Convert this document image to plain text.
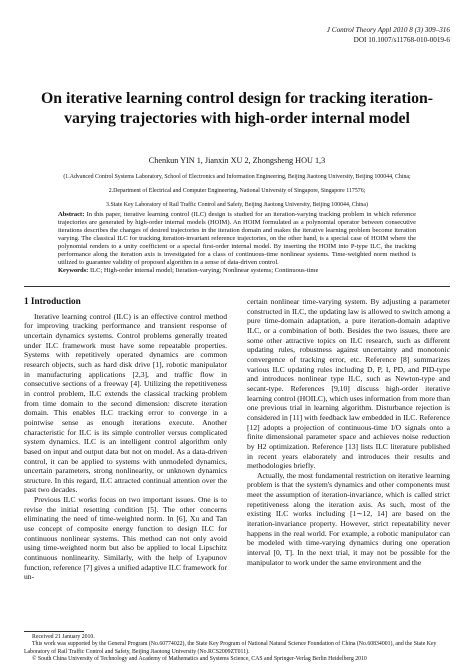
J Control Theory Appl 2010 8 (3) 309–316
DOI 10.1007/s11768-010-0019-6
On iterative learning control design for tracking iteration-varying trajectories with high-order internal model
Chenkun YIN 1, Jianxin XU 2, Zhongsheng HOU 1,3
(1.Advanced Control Systems Laboratory, School of Electronics and Information Engineering, Beijing Jiaotong University, Beijing 100044, China;
2.Department of Electrical and Computer Engineering, National University of Singapore, Singapore 117576;
3.State Key Laboratory of Rail Traffic Control and Safety, Beijing Jiaotong University, Beijing 100044, China)
Abstract: In this paper, iterative learning control (ILC) design is studied for an iteration-varying tracking problem in which reference trajectories are generated by high-order internal models (HOIM). An HOIM formulated as a polynomial operator between consecutive iterations describes the changes of desired trajectories in the iteration domain and makes the iterative learning problem become iteration varying. The classical ILC for tracking iteration-invariant reference trajectories, on the other hand, is a special case of HOIM where the polynomial renders to a unity coefficient or a special first-order internal model. By inserting the HOIM into P-type ILC, the tracking performance along the iteration axis is investigated for a class of continuous-time nonlinear systems. Time-weighted norm method is utilized to guarantee validity of proposed algorithm in a sense of data-driven control.
Keywords: ILC; High-order internal model; Iteration-varying; Nonlinear systems; Continuous-time
1 Introduction

Iterative learning control (ILC) is an effective control method for improving tracking performance and transient response of uncertain dynamics systems. Control problems generally treated under ILC framework must have some repeatable properties. Systems with repetitively operated dynamics are common research objects, such as hard disk drive [1], robotic manipulator in manufacturing applications [2,3], and traffic flow in consecutive sections of a freeway [4]. Utilizing the repetitiveness in control problem, ILC extends the classical tracking problem from time domain to the second dimension: discrete iteration domain. This enables ILC tracking error to converge in a pointwise sense as enough iterations execute. Another characteristic for ILC is its simple controller versus complicated system dynamics. ILC is an intelligent control algorithm only based on input and output data but not on model. As a data-driven control, it can be applied to systems with unmodeled dynamics, uncertain parameters, strong nonlinearity, or unknown dynamics structure. In this regard, ILC attracted continual attention over the past two decades.

Previous ILC works focus on two important issues. One is to revise the initial resetting condition [5]. The other concerns eliminating the need of time-weighted norm. In [6], Xu and Tan use concept of composite energy function to design ILC for continuous nonlinear systems. This method can not only avoid using time-weighted norm but also be applied to local Lipschitz continuous nonlinearity. Similarly, with the help of Lyapunov function, reference [7] gives a unified adaptive ILC framework for un-

certain nonlinear time-varying system. By adjusting a parameter constructed in ILC, the updating law is allowed to switch among a pure time-domain adaptation, a pure iteration-domain adaptive ILC, or a combination of both. Besides the two issues, there are some other attractive topics on ILC research, such as different updating rules, robustness against uncertainty and monotonic convergence of tracking error, etc. Reference [8] summarizes various ILC updating rules including D, P, I, PD, and PID-type and introduces nonlinear type ILC, such as Newton-type and secant-type. References [9,10] discuss high-order iterative learning control (HOILC), which uses information from more than one previous trial in learning algorithm. Disturbance rejection is considered in [11] with feedback law embedded in ILC. Reference [12] adopts a projection of continuous-time I/O signals onto a finite dimensional parameter space and achieves noise reduction by H2 optimization. Reference [13] lists ILC literature published in recent years elaborately and introduces their results and methodologies briefly.

Actually, the most fundamental restriction on iterative learning problem is that the system's dynamics and other components must meet the assumption of iteration-invariance, which is called strict repetitiveness along the iteration axis. As such, most of the existing ILC works including [1∼12, 14] are based on the iteration-invariance property. However, strict repeatability never happens in the real world. For example, a robotic manipulator can be modeled with time-varying dynamics during one operation interval [0, T]. In the next trial, it may not be possible for the manipulator to work under the same environment and the

Received 21 January 2010.

This work was supported by the General Program (No.60774022), the State Key Program of National Natural Science Foundation of China (No.60834001), and the State Key Laboratory of Rail Traffic Control and Safety, Beijing Jiaotong University (No.RCS2009ZT011).

© South China University of Technology and Academy of Mathematics and Systems Science, CAS and Springer-Verlag Berlin Heidelberg 2010
